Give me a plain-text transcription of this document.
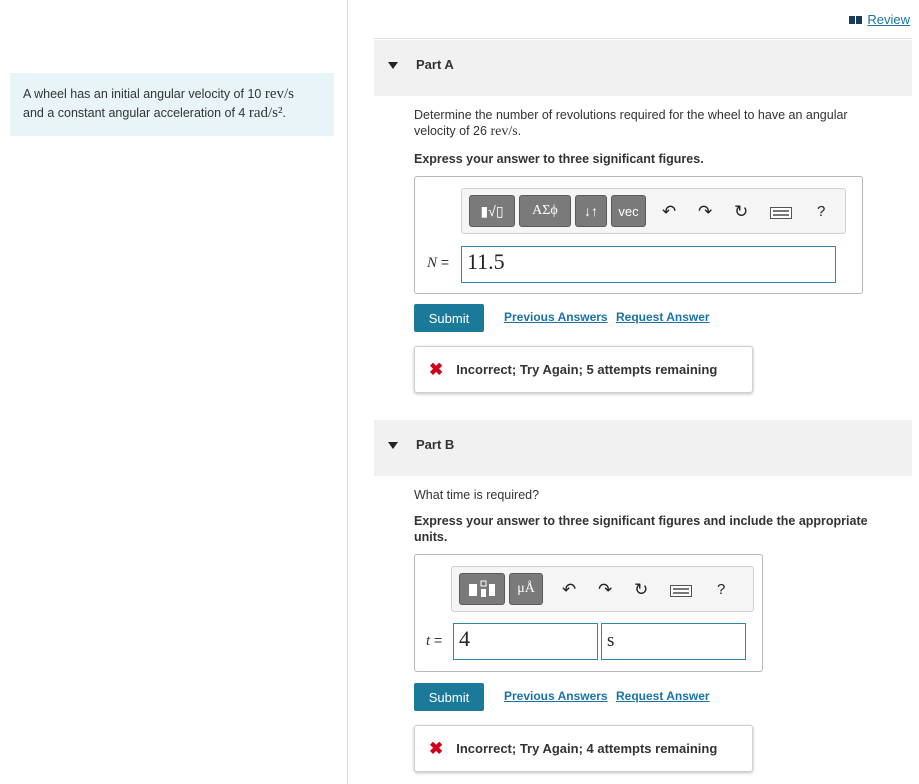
A wheel has an initial angular velocity of 10 rev/s
and a constant angular acceleration of 4 rad/s².
Review
Part A
Determine the number of revolutions required for the wheel to have an angular
velocity of 26 rev/s.
Express your answer to three significant figures.
▮√▯	ΑΣϕ	↓↑	vec	↶ ↷ ↻	?
N = 11.5
Submit	Previous Answers Request Answer
✖ Incorrect; Try Again; 5 attempts remaining
Part B
What time is required?
Express your answer to three significant figures and include the appropriate
units.
μÅ	↶ ↷ ↻	?
t = 4	s
Submit	Previous Answers Request Answer
✖ Incorrect; Try Again; 4 attempts remaining
